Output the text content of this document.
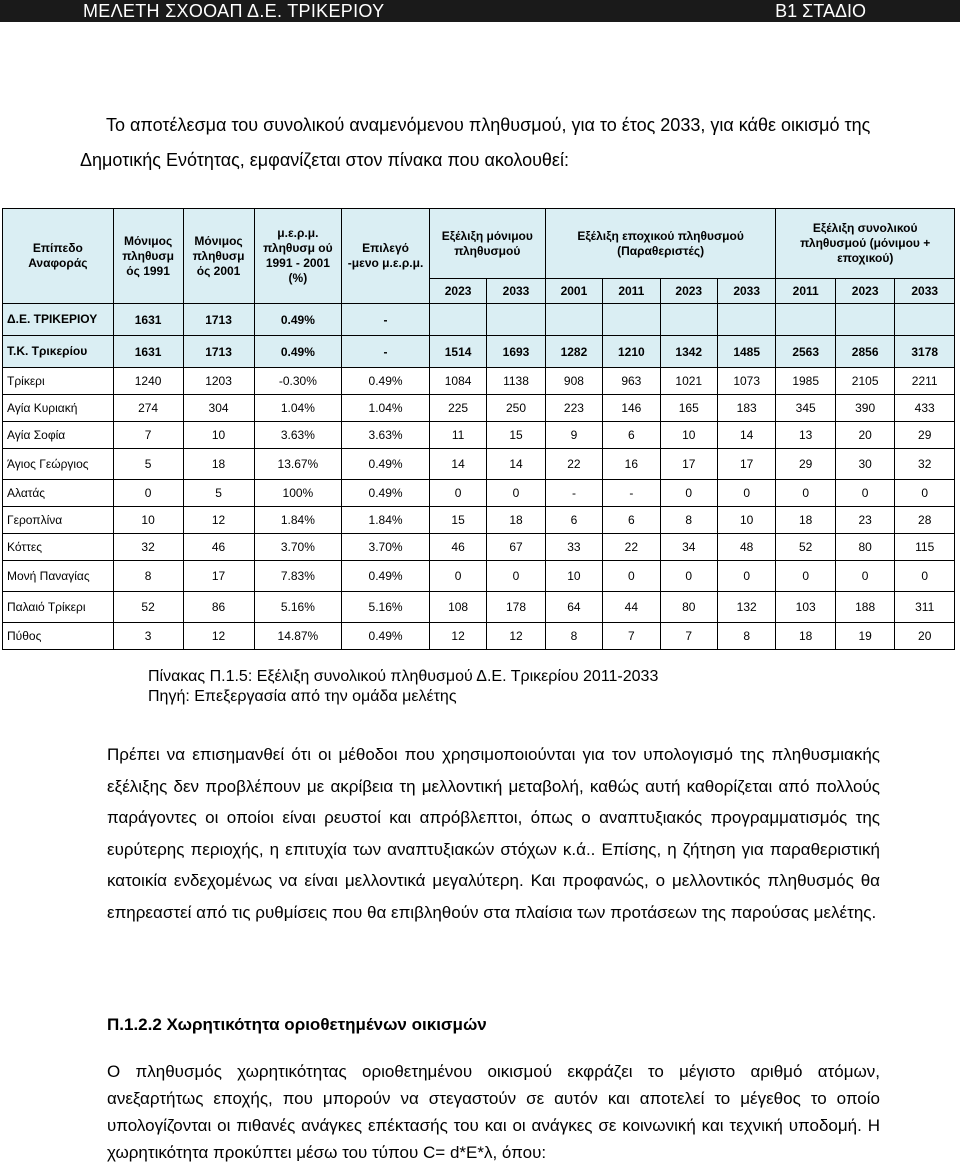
ΜΕΛΕΤΗ ΣΧΟΟΑΠ Δ.Ε. ΤΡΙΚΕΡΙΟΥ	Β1 ΣΤΑΔΙΟ

Το αποτέλεσμα του συνολικού αναμενόμενου πληθυσμού, για το έτος 2033, για κάθε οικισμό της Δημοτικής Ενότητας, εμφανίζεται στον πίνακα που ακολουθεί:

Επίπεδο Αναφοράς	Μόνιμος πληθυσμ ός 1991	Μόνιμος πληθυσμ ός 2001	μ.ε.ρ.μ. πληθυσμ ού 1991 - 2001 (%)	Επιλεγό -μενο μ.ε.ρ.μ.	Εξέλιξη μόνιμου πληθυσμού		Εξέλιξη εποχικού πληθυσμού (Παραθεριστές)				Εξέλιξη συνολικού πληθυσμού (μόνιμου + εποχικού)		
					2023	2033	2001	2011	2023	2033	2011	2023	2033
Δ.Ε. ΤΡΙΚΕΡΙΟΥ	1631	1713	0.49%	-									
Τ.Κ. Τρικερίου	1631	1713	0.49%	-	1514	1693	1282	1210	1342	1485	2563	2856	3178
Τρίκερι	1240	1203	-0.30%	0.49%	1084	1138	908	963	1021	1073	1985	2105	2211
Αγία Κυριακή	274	304	1.04%	1.04%	225	250	223	146	165	183	345	390	433
Αγία Σοφία	7	10	3.63%	3.63%	11	15	9	6	10	14	13	20	29
Άγιος Γεώργιος	5	18	13.67%	0.49%	14	14	22	16	17	17	29	30	32
Αλατάς	0	5	100%	0.49%	0	0	-	-	0	0	0	0	0
Γεροπλίνα	10	12	1.84%	1.84%	15	18	6	6	8	10	18	23	28
Κόττες	32	46	3.70%	3.70%	46	67	33	22	34	48	52	80	115
Μονή Παναγίας	8	17	7.83%	0.49%	0	0	10	0	0	0	0	0	0
Παλαιό Τρίκερι	52	86	5.16%	5.16%	108	178	64	44	80	132	103	188	311
Πύθος	3	12	14.87%	0.49%	12	12	8	7	7	8	18	19	20
Πίνακας Π.1.5: Εξέλιξη συνολικού πληθυσμού Δ.Ε. Τρικερίου 2011-2033
Πηγή: Επεξεργασία από την ομάδα μελέτης

Πρέπει να επισημανθεί ότι οι μέθοδοι που χρησιμοποιούνται για τον υπολογισμό της πληθυσμιακής εξέλιξης δεν προβλέπουν με ακρίβεια τη μελλοντική μεταβολή, καθώς αυτή καθορίζεται από πολλούς παράγοντες οι οποίοι είναι ρευστοί και απρόβλεπτοι, όπως ο αναπτυξιακός προγραμματισμός της ευρύτερης περιοχής, η επιτυχία των αναπτυξιακών στόχων κ.ά.. Επίσης, η ζήτηση για παραθεριστική κατοικία ενδεχομένως να είναι μελλοντικά μεγαλύτερη. Και προφανώς, ο μελλοντικός πληθυσμός θα επηρεαστεί από τις ρυθμίσεις που θα επιβληθούν στα πλαίσια των προτάσεων της παρούσας μελέτης.

Π.1.2.2 Χωρητικότητα οριοθετημένων οικισμών

Ο πληθυσμός χωρητικότητας οριοθετημένου οικισμού εκφράζει το μέγιστο αριθμό ατόμων, ανεξαρτήτως εποχής, που μπορούν να στεγαστούν σε αυτόν και αποτελεί το μέγεθος το οποίο υπολογίζονται οι πιθανές ανάγκες επέκτασής του και οι ανάγκες σε κοινωνική και τεχνική υποδομή. Η χωρητικότητα προκύπτει μέσω του τύπου C= d*E*λ, όπου:
